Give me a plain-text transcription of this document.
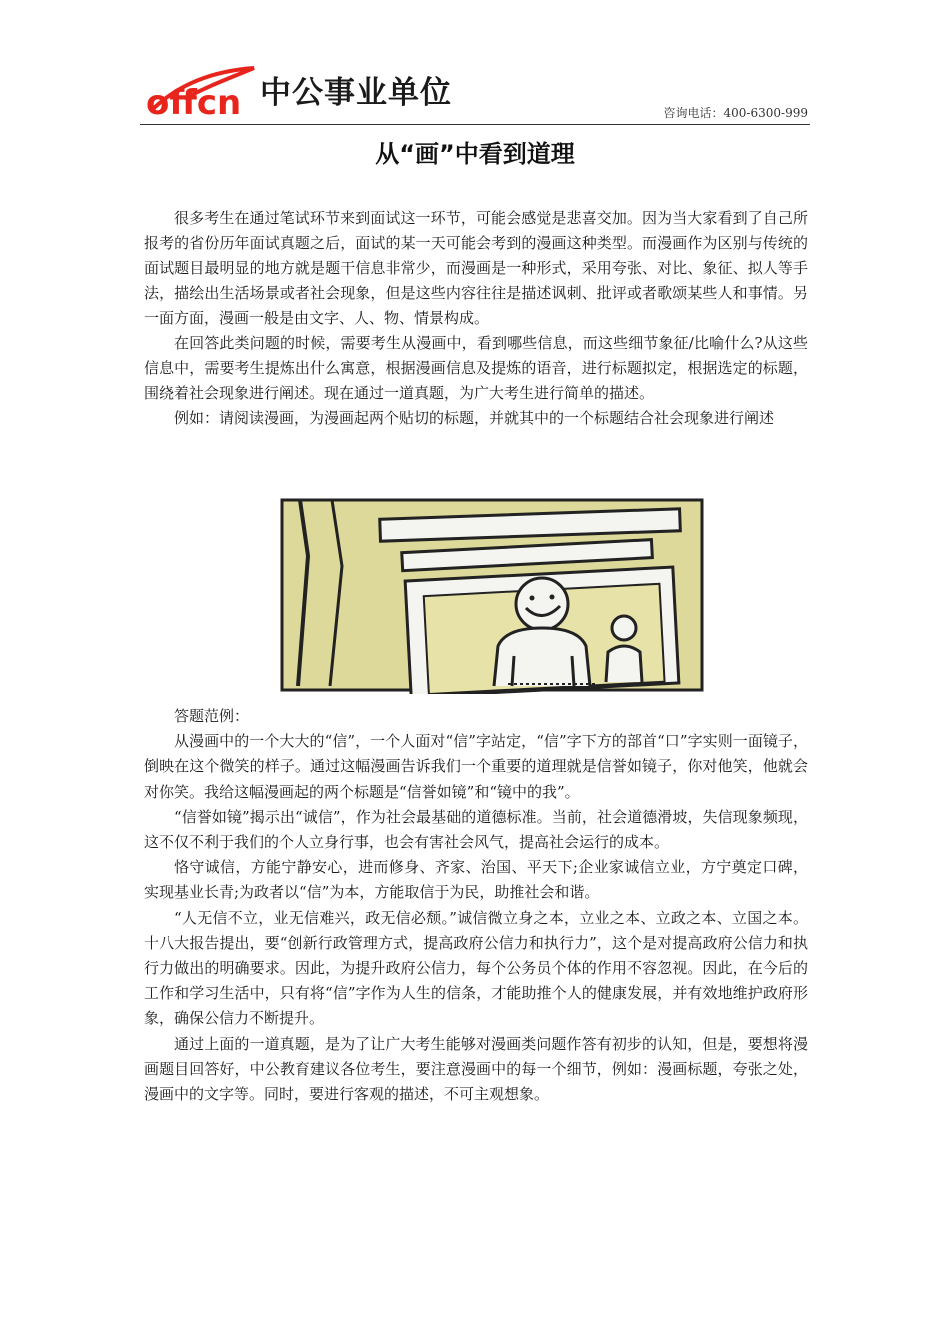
offcn 中公事业单位
咨询电话：400-6300-999
从“画”中看到道理

很多考生在通过笔试环节来到面试这一环节，可能会感觉是悲喜交加。因为当大家看到了自己所报考的省份历年面试真题之后，面试的某一天可能会考到的漫画这种类型。而漫画作为区别与传统的面试题目最明显的地方就是题干信息非常少，而漫画是一种形式，采用夸张、对比、象征、拟人等手法，描绘出生活场景或者社会现象，但是这些内容往往是描述讽刺、批评或者歌颂某些人和事情。另一面方面，漫画一般是由文字、人、物、情景构成。

在回答此类问题的时候，需要考生从漫画中，看到哪些信息，而这些细节象征/比喻什么?从这些信息中，需要考生提炼出什么寓意，根据漫画信息及提炼的语音，进行标题拟定，根据选定的标题，围绕着社会现象进行阐述。现在通过一道真题，为广大考生进行简单的描述。

例如：请阅读漫画，为漫画起两个贴切的标题，并就其中的一个标题结合社会现象进行阐述

答题范例：

从漫画中的一个大大的“信”，一个人面对“信”字站定，“信”字下方的部首“口”字实则一面镜子，倒映在这个微笑的样子。通过这幅漫画告诉我们一个重要的道理就是信誉如镜子，你对他笑，他就会对你笑。我给这幅漫画起的两个标题是“信誉如镜”和“镜中的我”。

“信誉如镜”揭示出“诚信”，作为社会最基础的道德标准。当前，社会道德滑坡，失信现象频现，这不仅不利于我们的个人立身行事，也会有害社会风气，提高社会运行的成本。

恪守诚信，方能宁静安心，进而修身、齐家、治国、平天下;企业家诚信立业，方宁奠定口碑，实现基业长青;为政者以“信”为本，方能取信于为民，助推社会和谐。

“人无信不立，业无信难兴，政无信必颓。”诚信微立身之本，立业之本、立政之本、立国之本。十八大报告提出，要“创新行政管理方式，提高政府公信力和执行力”，这个是对提高政府公信力和执行力做出的明确要求。因此，为提升政府公信力，每个公务员个体的作用不容忽视。因此，在今后的工作和学习生活中，只有将“信”字作为人生的信条，才能助推个人的健康发展，并有效地维护政府形象，确保公信力不断提升。

通过上面的一道真题，是为了让广大考生能够对漫画类问题作答有初步的认知，但是，要想将漫画题目回答好，中公教育建议各位考生，要注意漫画中的每一个细节，例如：漫画标题，夸张之处，漫画中的文字等。同时，要进行客观的描述，不可主观想象。
